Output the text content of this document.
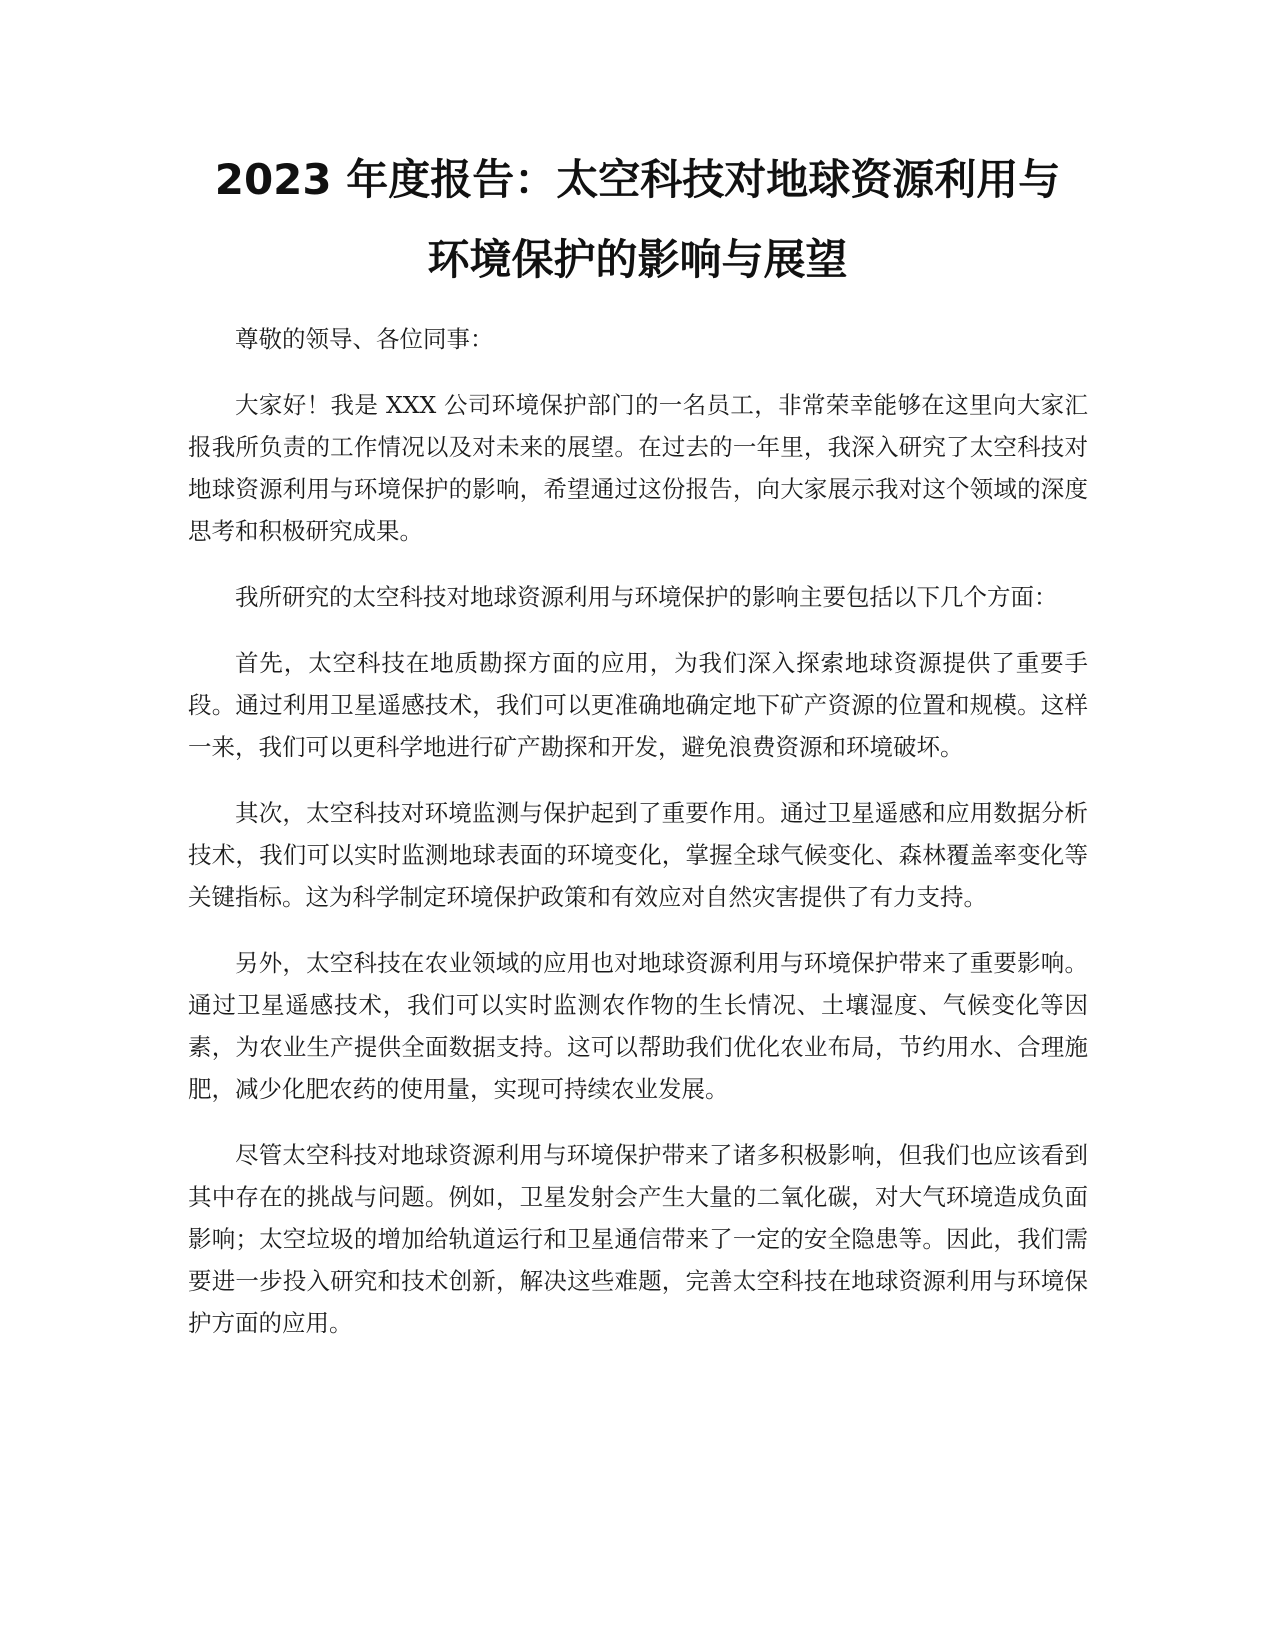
2023 年度报告：太空科技对地球资源利用与
环境保护的影响与展望

尊敬的领导、各位同事：

大家好！我是 XXX 公司环境保护部门的一名员工，非常荣幸能够在这里向大家汇报我所负责的工作情况以及对未来的展望。在过去的一年里，我深入研究了太空科技对地球资源利用与环境保护的影响，希望通过这份报告，向大家展示我对这个领域的深度思考和积极研究成果。

我所研究的太空科技对地球资源利用与环境保护的影响主要包括以下几个方面：

首先，太空科技在地质勘探方面的应用，为我们深入探索地球资源提供了重要手段。通过利用卫星遥感技术，我们可以更准确地确定地下矿产资源的位置和规模。这样一来，我们可以更科学地进行矿产勘探和开发，避免浪费资源和环境破坏。

其次，太空科技对环境监测与保护起到了重要作用。通过卫星遥感和应用数据分析技术，我们可以实时监测地球表面的环境变化，掌握全球气候变化、森林覆盖率变化等关键指标。这为科学制定环境保护政策和有效应对自然灾害提供了有力支持。

另外，太空科技在农业领域的应用也对地球资源利用与环境保护带来了重要影响。通过卫星遥感技术，我们可以实时监测农作物的生长情况、土壤湿度、气候变化等因素，为农业生产提供全面数据支持。这可以帮助我们优化农业布局，节约用水、合理施肥，减少化肥农药的使用量，实现可持续农业发展。

尽管太空科技对地球资源利用与环境保护带来了诸多积极影响，但我们也应该看到其中存在的挑战与问题。例如，卫星发射会产生大量的二氧化碳，对大气环境造成负面影响；太空垃圾的增加给轨道运行和卫星通信带来了一定的安全隐患等。因此，我们需要进一步投入研究和技术创新，解决这些难题，完善太空科技在地球资源利用与环境保护方面的应用。
